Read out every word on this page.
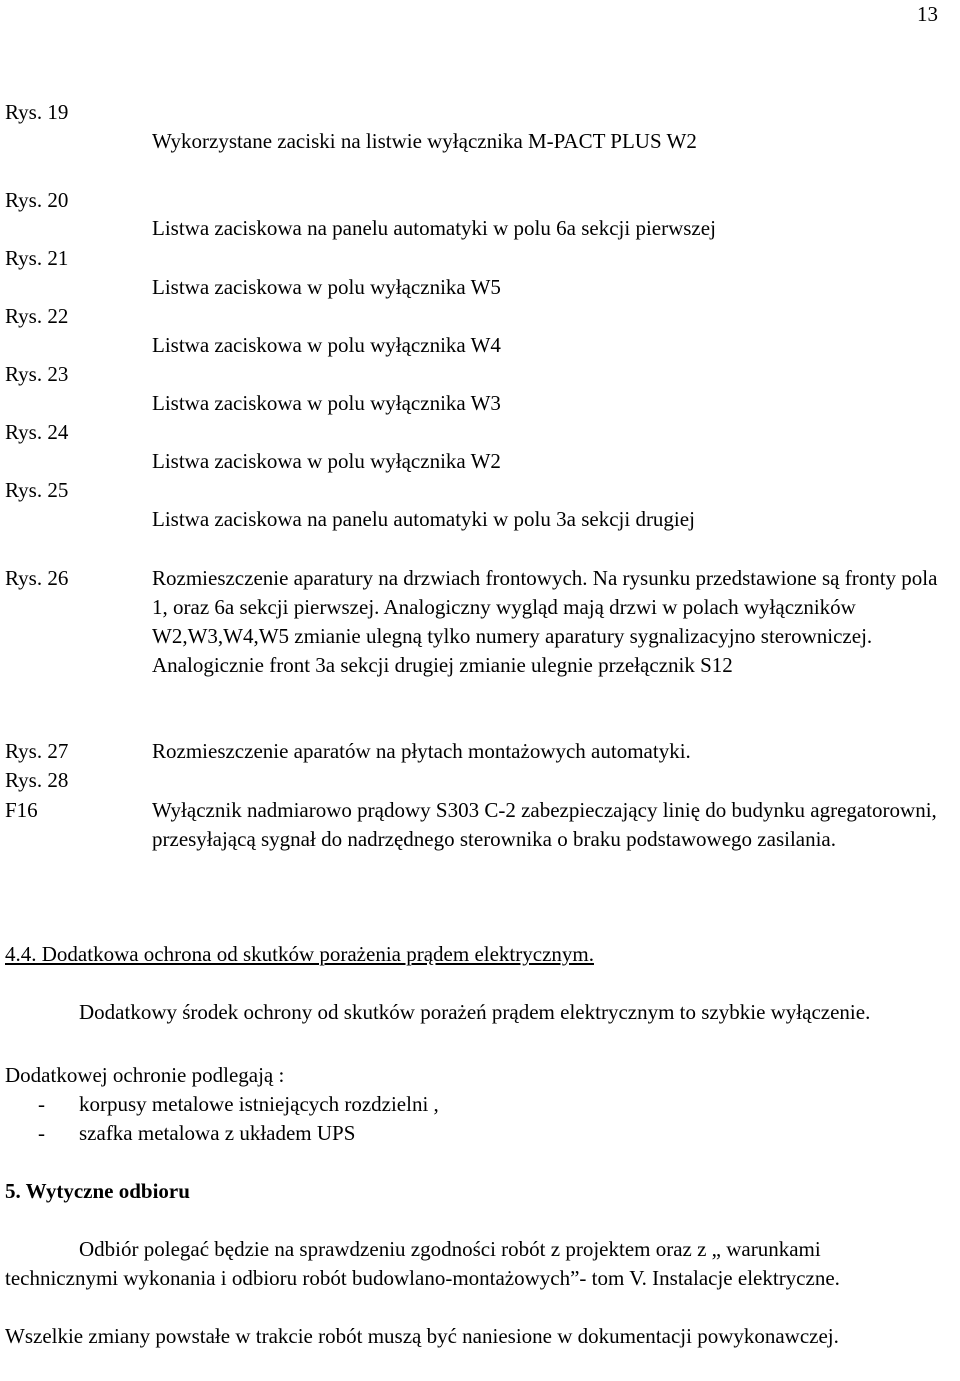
13
Rys. 19
Rys. 20
Rys. 21
Rys. 22
Rys. 23
Rys. 24
Rys. 25
Rys. 26
Rys. 27
Rys. 28
F16
Wykorzystane zaciski na listwie wyłącznika M-PACT PLUS W2
Listwa zaciskowa na panelu automatyki w polu 6a sekcji pierwszej
Listwa zaciskowa w polu wyłącznika W5
Listwa zaciskowa w polu wyłącznika W4
Listwa zaciskowa w polu wyłącznika W3
Listwa zaciskowa w polu wyłącznika W2
Listwa zaciskowa na panelu automatyki w polu 3a sekcji drugiej
Rozmieszczenie aparatury na drzwiach frontowych. Na rysunku przedstawione są fronty pola 1, oraz 6a sekcji pierwszej. Analogiczny wygląd mają drzwi w polach wyłączników W2,W3,W4,W5 zmianie ulegną tylko numery aparatury sygnalizacyjno sterowniczej. Analogicznie front 3a sekcji drugiej zmianie ulegnie przełącznik S12
Rozmieszczenie aparatów na płytach montażowych automatyki.
Wyłącznik nadmiarowo prądowy S303 C-2 zabezpieczający linię do budynku agregatorowni, przesyłającą sygnał do nadrzędnego sterownika o braku podstawowego zasilania.
4.4. Dodatkowa ochrona od skutków porażenia prądem elektrycznym.
Dodatkowy środek ochrony od skutków porażeń prądem elektrycznym to szybkie wyłączenie.
Dodatkowej ochronie podlegają :
- korpusy metalowe istniejących rozdzielni ,
- szafka metalowa z układem UPS
5. Wytyczne odbioru
Odbiór polegać będzie na sprawdzeniu zgodności robót z projektem oraz z „ warunkami technicznymi wykonania i odbioru robót budowlano-montażowych”- tom V. Instalacje elektryczne.
Wszelkie zmiany powstałe w trakcie robót muszą być naniesione w dokumentacji powykonawczej.
